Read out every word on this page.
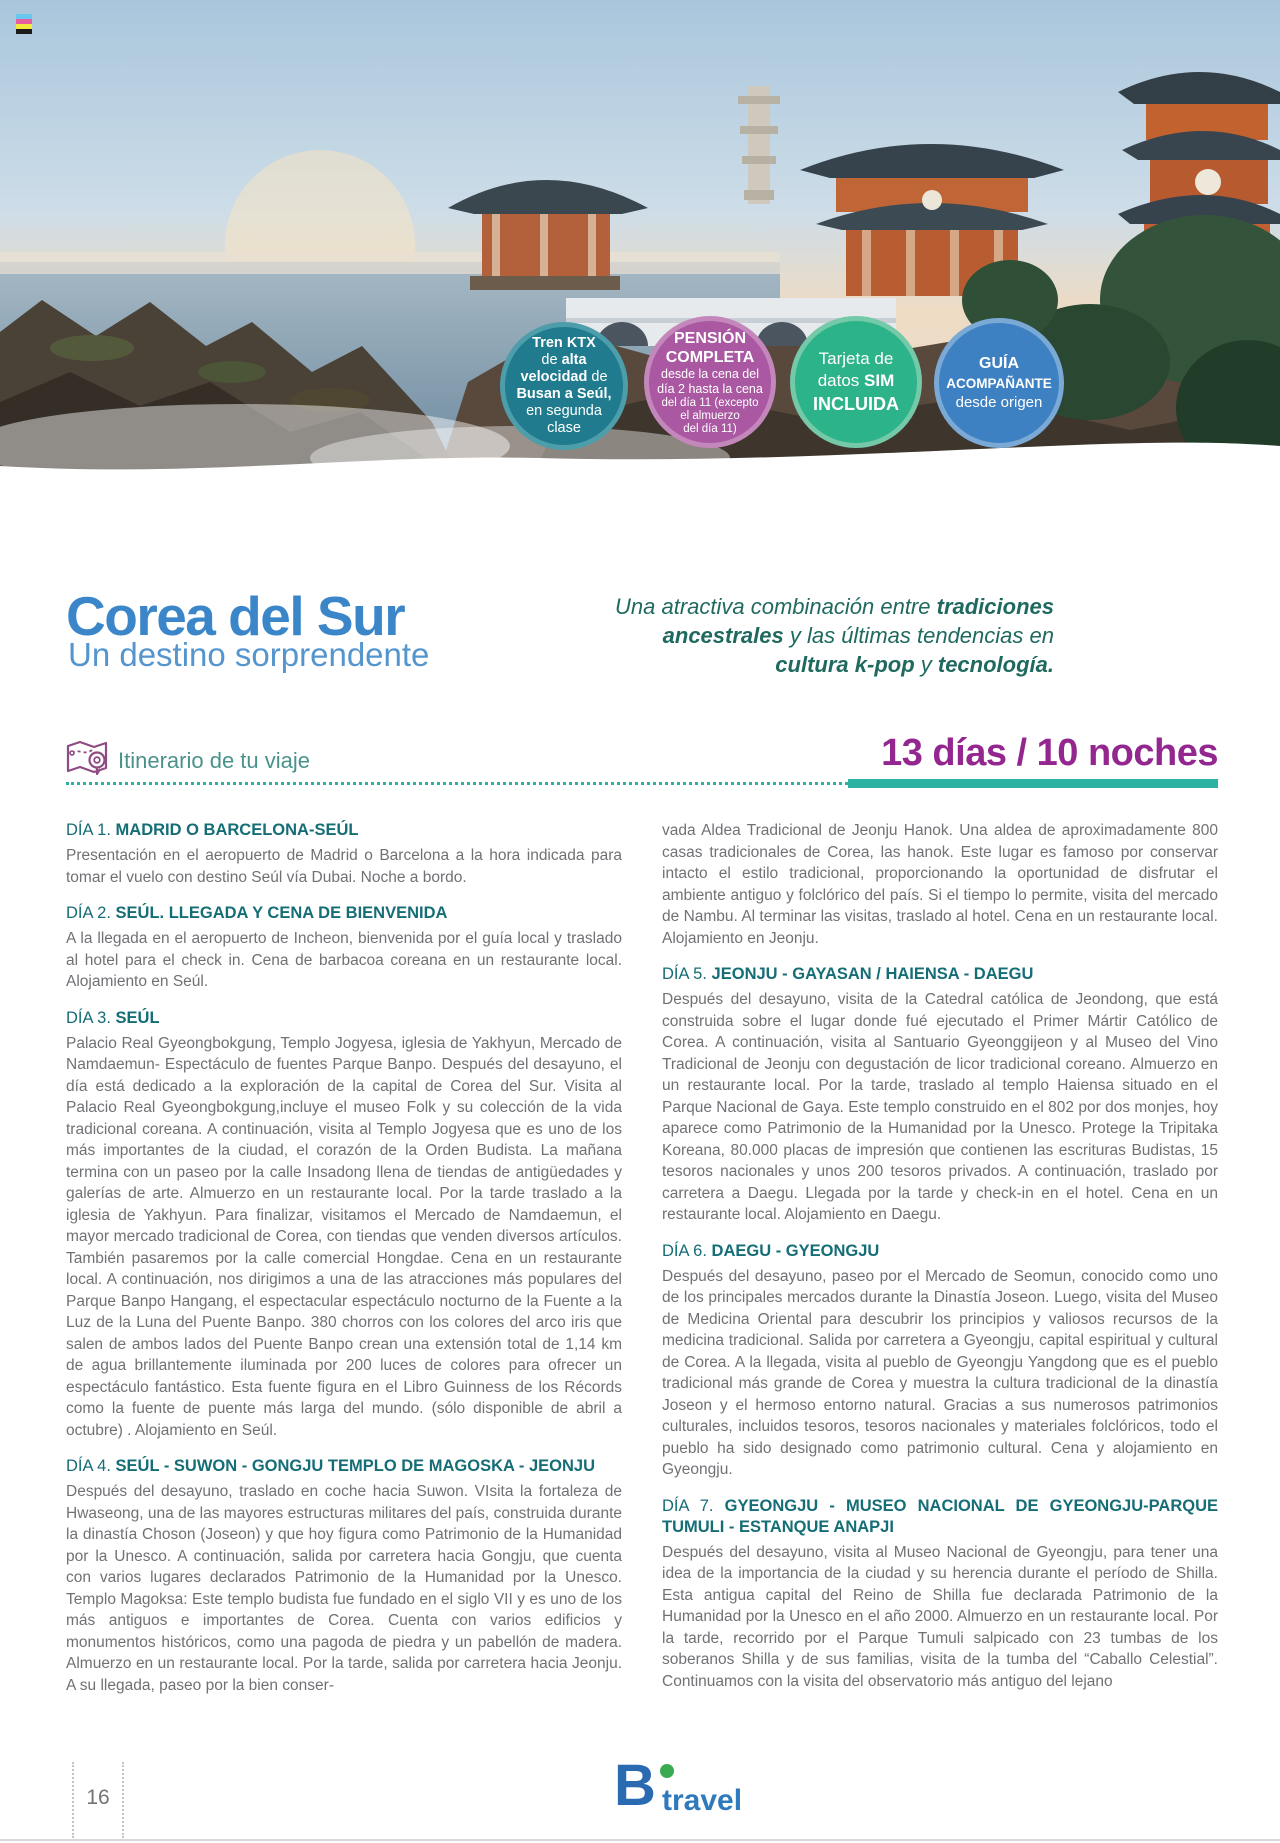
Tren KTX
de alta
velocidad de
Busan a Seúl,
en segunda
clase
PENSIÓN
COMPLETA
desde la cena del
día 2 hasta la cena
del día 11 (excepto
el almuerzo
del día 11)
Tarjeta de
datos SIM
INCLUIDA
GUÍA
ACOMPAÑANTE
desde origen
Corea del Sur
Un destino sorprendente
Una atractiva combinación entre tradiciones
ancestrales y las últimas tendencias en
cultura k-pop y tecnología.
Itinerario de tu viaje	13 días / 10 noches

DÍA 1. MADRID O BARCELONA-SEÚL

Presentación en el aeropuerto de Madrid o Barcelona a la hora indicada para tomar el vuelo con destino Seúl vía Dubai. Noche a bordo.

DÍA 2. SEÚL. LLEGADA Y CENA DE BIENVENIDA

A la llegada en el aeropuerto de Incheon, bienvenida por el guía local y traslado al hotel para el check in. Cena de barbacoa coreana en un restaurante local. Alojamiento en Seúl.

DÍA 3. SEÚL

Palacio Real Gyeongbokgung, Templo Jogyesa, iglesia de Yakhyun, Mercado de Namdaemun- Espectáculo de fuentes Parque Banpo. Después del desayuno, el día está dedicado a la exploración de la capital de Corea del Sur. Visita al Palacio Real Gyeongbokgung,incluye el museo Folk y su colección de la vida tradicional coreana. A continuación, visita al Templo Jogyesa que es uno de los más importantes de la ciudad, el corazón de la Orden Budista. La mañana termina con un paseo por la calle Insadong llena de tiendas de antigüedades y galerías de arte. Almuerzo en un restaurante local. Por la tarde traslado a la iglesia de Yakhyun. Para finalizar, visitamos el Mercado de Namdaemun, el mayor mercado tradicional de Corea, con tiendas que venden diversos artículos. También pasaremos por la calle comercial Hongdae. Cena en un restaurante local. A continuación, nos dirigimos a una de las atracciones más populares del Parque Banpo Hangang, el espectacular espectáculo nocturno de la Fuente a la Luz de la Luna del Puente Banpo. 380 chorros con los colores del arco iris que salen de ambos lados del Puente Banpo crean una extensión total de 1,14 km de agua brillantemente iluminada por 200 luces de colores para ofrecer un espectáculo fantástico. Esta fuente figura en el Libro Guinness de los Récords como la fuente de puente más larga del mundo. (sólo disponible de abril a octubre) . Alojamiento en Seúl.

DÍA 4. SEÚL - SUWON - GONGJU TEMPLO DE MAGOSKA - JEONJU

Después del desayuno, traslado en coche hacia Suwon. VIsita la fortaleza de Hwaseong, una de las mayores estructuras militares del país, construida durante la dinastía Choson (Joseon) y que hoy figura como Patrimonio de la Humanidad por la Unesco. A continuación, salida por carretera hacia Gongju, que cuenta con varios lugares declarados Patrimonio de la Humanidad por la Unesco. Templo Magoksa: Este templo budista fue fundado en el siglo VII y es uno de los más antiguos e importantes de Corea. Cuenta con varios edificios y monumentos históricos, como una pagoda de piedra y un pabellón de madera. Almuerzo en un restaurante local. Por la tarde, salida por carretera hacia Jeonju. A su llegada, paseo por la bien conser-

vada Aldea Tradicional de Jeonju Hanok. Una aldea de aproximadamente 800 casas tradicionales de Corea, las hanok. Este lugar es famoso por conservar intacto el estilo tradicional, proporcionando la oportunidad de disfrutar el ambiente antiguo y folclórico del país. Si el tiempo lo permite, visita del mercado de Nambu. Al terminar las visitas, traslado al hotel. Cena en un restaurante local. Alojamiento en Jeonju.

DÍA 5. JEONJU - GAYASAN / HAIENSA - DAEGU

Después del desayuno, visita de la Catedral católica de Jeondong, que está construida sobre el lugar donde fué ejecutado el Primer Mártir Católico de Corea. A continuación, visita al Santuario Gyeonggijeon y al Museo del Vino Tradicional de Jeonju con degustación de licor tradicional coreano. Almuerzo en un restaurante local. Por la tarde, traslado al templo Haiensa situado en el Parque Nacional de Gaya. Este templo construido en el 802 por dos monjes, hoy aparece como Patrimonio de la Humanidad por la Unesco. Protege la Tripitaka Koreana, 80.000 placas de impresión que contienen las escrituras Budistas, 15 tesoros nacionales y unos 200 tesoros privados. A continuación, traslado por carretera a Daegu. Llegada por la tarde y check-in en el hotel. Cena en un restaurante local. Alojamiento en Daegu.

DÍA 6. DAEGU - GYEONGJU

Después del desayuno, paseo por el Mercado de Seomun, conocido como uno de los principales mercados durante la Dinastía Joseon. Luego, visita del Museo de Medicina Oriental para descubrir los principios y valiosos recursos de la medicina tradicional. Salida por carretera a Gyeongju, capital espiritual y cultural de Corea. A la llegada, visita al pueblo de Gyeongju Yangdong que es el pueblo tradicional más grande de Corea y muestra la cultura tradicional de la dinastía Joseon y el hermoso entorno natural. Gracias a sus numerosos patrimonios culturales, incluidos tesoros, tesoros nacionales y materiales folclóricos, todo el pueblo ha sido designado como patrimonio cultural. Cena y alojamiento en Gyeongju.

DÍA 7. GYEONGJU - MUSEO NACIONAL DE GYEONGJU-PARQUE TUMULI - ESTANQUE ANAPJI

Después del desayuno, visita al Museo Nacional de Gyeongju, para tener una idea de la importancia de la ciudad y su herencia durante el período de Shilla. Esta antigua capital del Reino de Shilla fue declarada Patrimonio de la Humanidad por la Unesco en el año 2000. Almuerzo en un restaurante local. Por la tarde, recorrido por el Parque Tumuli salpicado con 23 tumbas de los soberanos Shilla y de sus familias, visita de la tumba del “Caballo Celestial”. Continuamos con la visita del observatorio más antiguo del lejano

16	B travel
